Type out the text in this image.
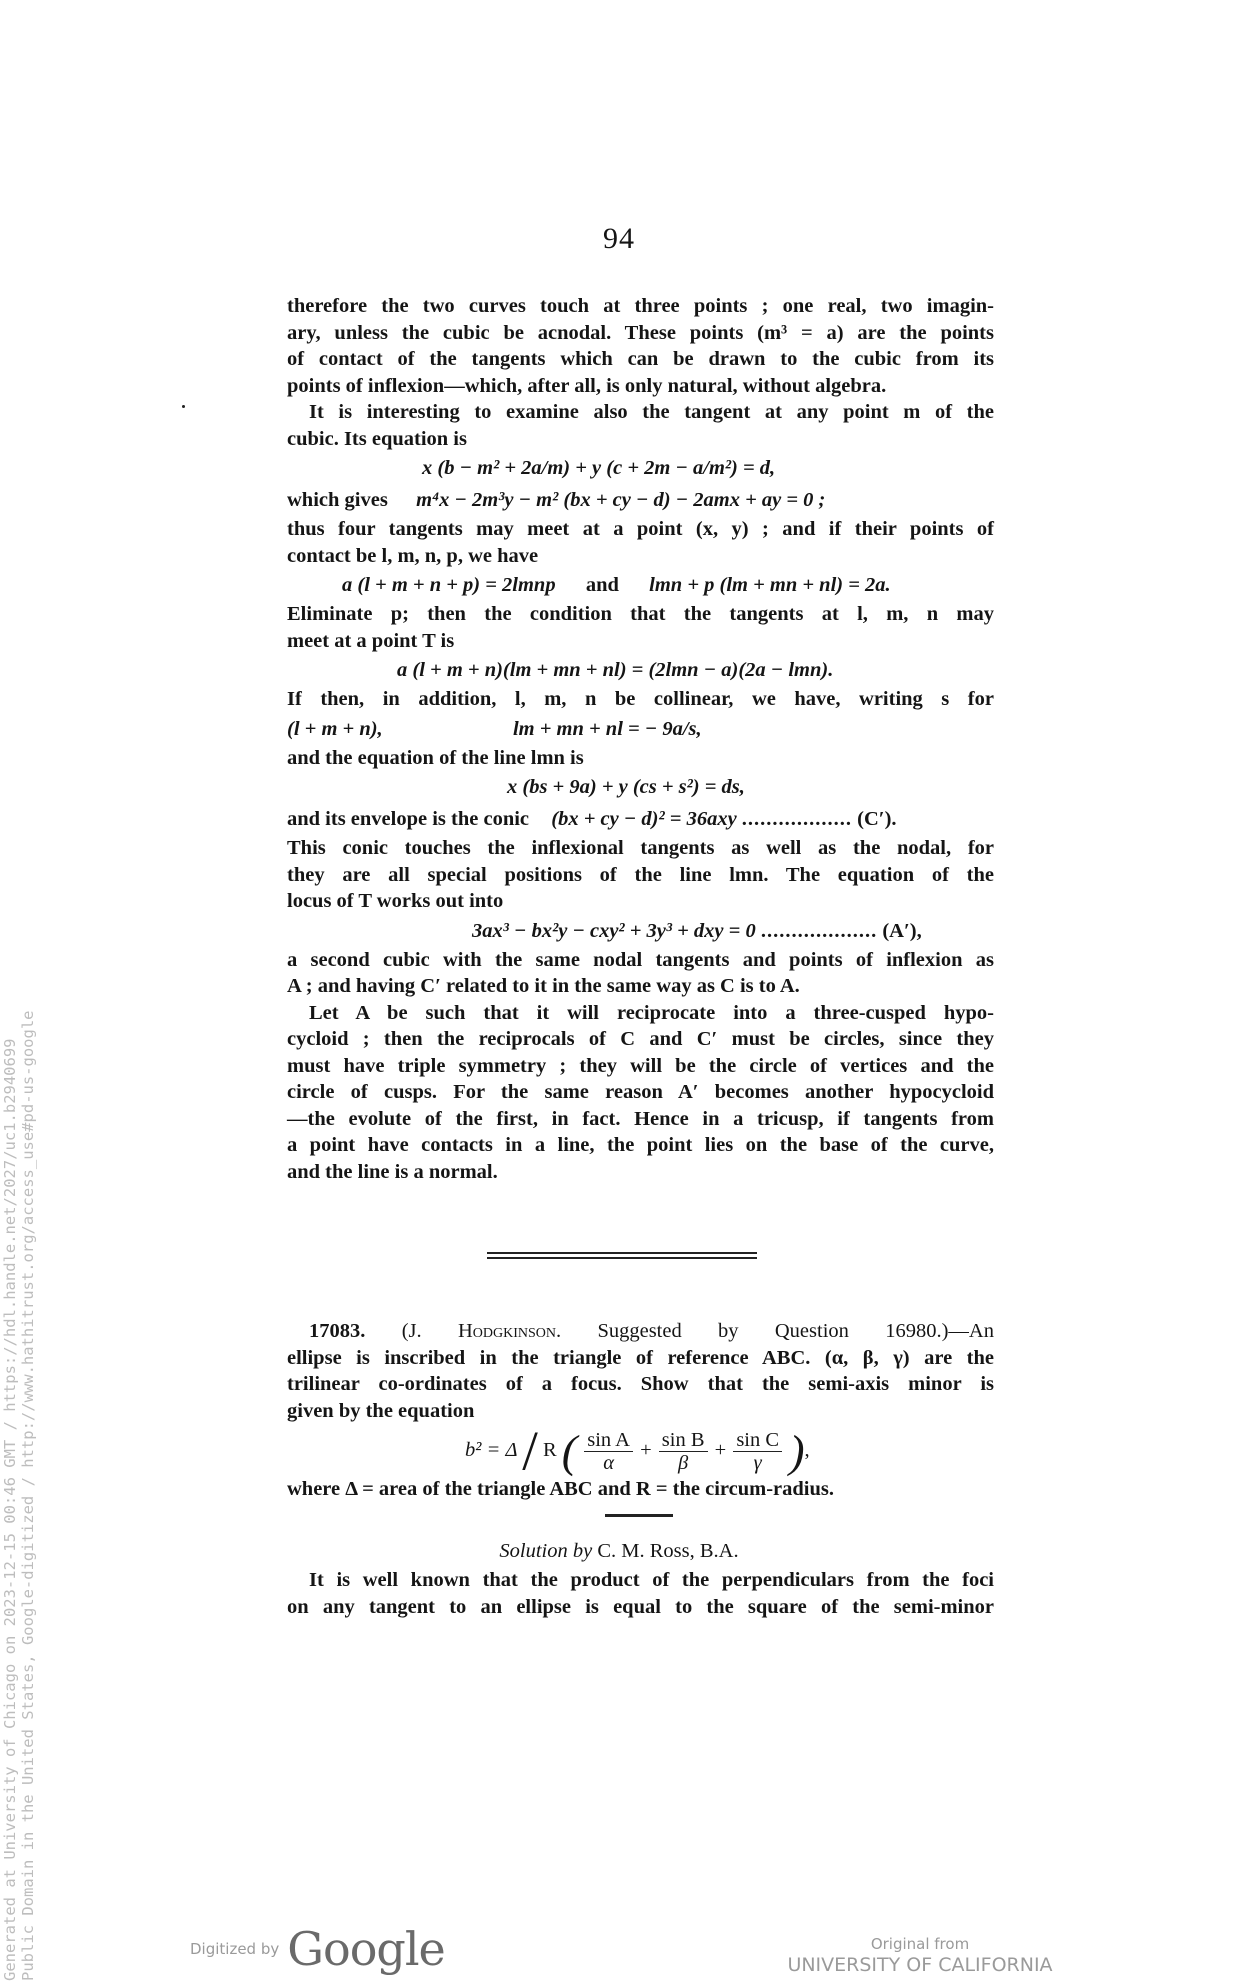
94
therefore the two curves touch at three points ; one real, two imagin-
ary, unless the cubic be acnodal. These points (m³ = a) are the points
of contact of the tangents which can be drawn to the cubic from its
points of inflexion—which, after all, is only natural, without algebra.
It is interesting to examine also the tangent at any point m of the
cubic. Its equation is
x (b − m² + 2a/m) + y (c + 2m − a/m²) = d,
which gives m⁴x − 2m³y − m² (bx + cy − d) − 2amx + ay = 0 ;
thus four tangents may meet at a point (x, y) ; and if their points of
contact be l, m, n, p, we have
a (l + m + n + p) = 2lmnp and lmn + p (lm + mn + nl) = 2a.
Eliminate p; then the condition that the tangents at l, m, n may
meet at a point T is
a (l + m + n)(lm + mn + nl) = (2lmn − a)(2a − lmn).
If then, in addition, l, m, n be collinear, we have, writing s for
(l + m + n),	lm + mn + nl = − 9a/s,
and the equation of the line lmn is
x (bs + 9a) + y (cs + s²) = ds,
and its envelope is the conic (bx + cy − d)² = 36axy .................. (C′).
This conic touches the inflexional tangents as well as the nodal, for
they are all special positions of the line lmn. The equation of the
locus of T works out into
3ax³ − bx²y − cxy² + 3y³ + dxy = 0 ................... (A′),
a second cubic with the same nodal tangents and points of inflexion as
A ; and having C′ related to it in the same way as C is to A.
Let A be such that it will reciprocate into a three-cusped hypo-
cycloid ; then the reciprocals of C and C′ must be circles, since they
must have triple symmetry ; they will be the circle of vertices and the
circle of cusps. For the same reason A′ becomes another hypocycloid
—the evolute of the first, in fact. Hence in a tricusp, if tangents from
a point have contacts in a line, the point lies on the base of the curve,
and the line is a normal.
17083. (J. Hodgkinson. Suggested by Question 16980.)—An
ellipse is inscribed in the triangle of reference ABC. (α, β, γ) are the
trilinear co-ordinates of a focus. Show that the semi-axis minor is
given by the equation
b² = Δ / R ( $\frac{\text{sin A}}{\alpha} + \frac{\text{sin B}}{\beta} + \frac{\text{sin C}}{\gamma}$ ),
where Δ = area of the triangle ABC and R = the circum-radius.
Solution by C. M. Ross, B.A.
It is well known that the product of the perpendiculars from the foci
on any tangent to an ellipse is equal to the square of the semi-minor
Generated at University of Chicago on 2023-12-15 00:46 GMT / https://hdl.handle.net/2027/uc1.b2940699 Public Domain in the United States, Google-digitized / http://www.hathitrust.org/access_use#pd-us-google	Digitized by Google	Original from
UNIVERSITY OF CALIFORNIA
